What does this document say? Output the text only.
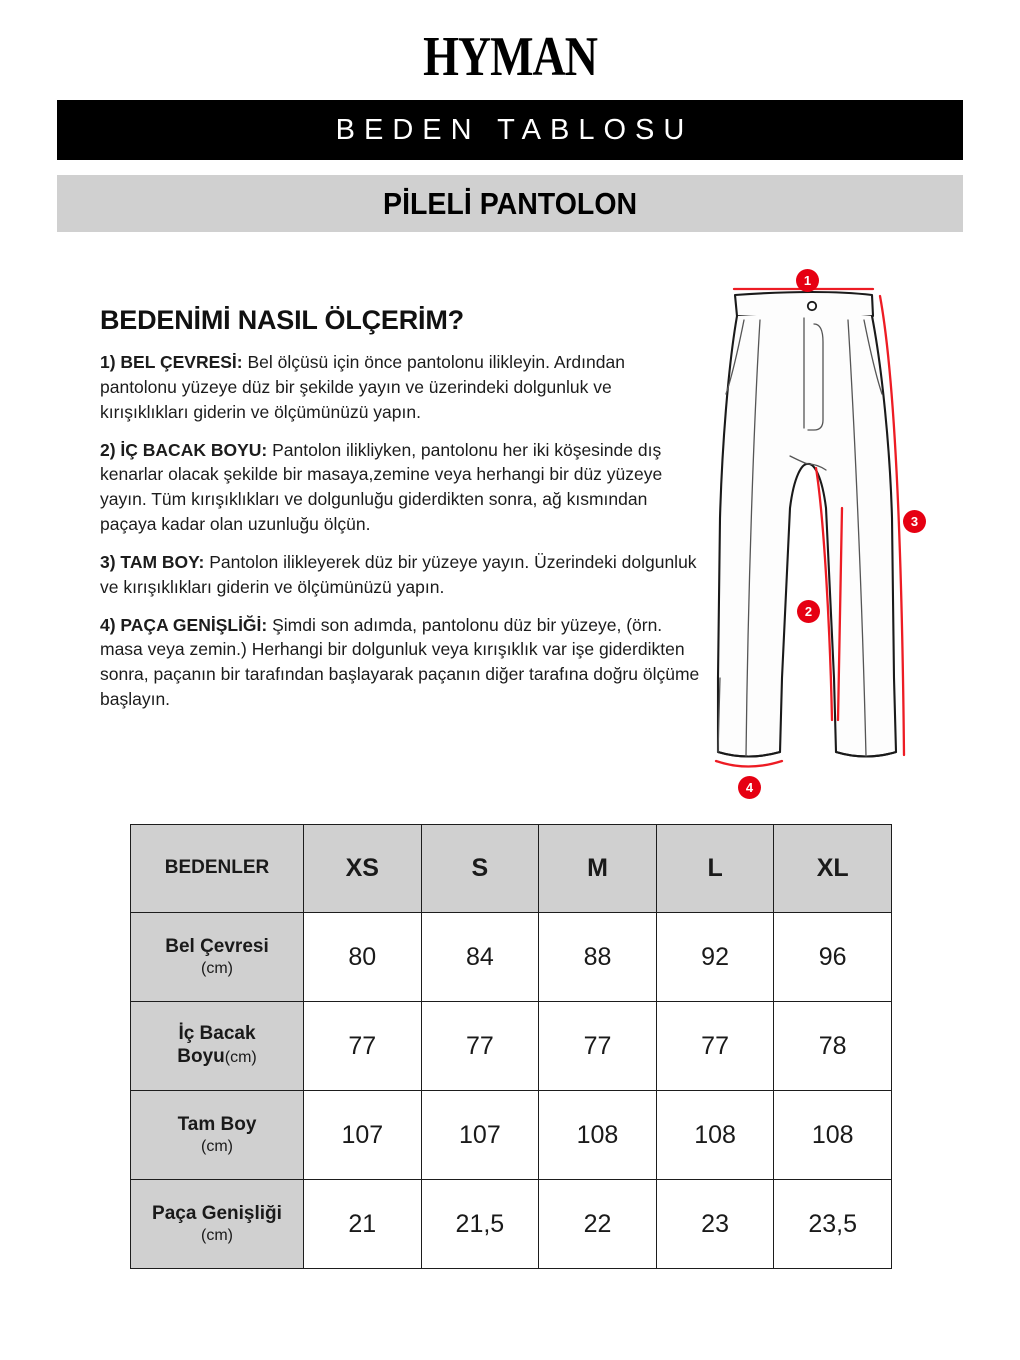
HYMAN
BEDEN TABLOSU
PİLELİ PANTOLON
BEDENİMİ NASIL ÖLÇERİM?

1) BEL ÇEVRESİ: Bel ölçüsü için önce pantolonu ilikleyin. Ardından pantolonu yüzeye düz bir şekilde yayın ve üzerindeki dolgunluk ve kırışıklıkları giderin ve ölçümünüzü yapın.

2) İÇ BACAK BOYU: Pantolon ilikliyken, pantolonu her iki köşesinde dış kenarlar olacak şekilde bir masaya,zemine veya herhangi bir düz yüzeye yayın. Tüm kırışıklıkları ve dolgunluğu giderdikten sonra, ağ kısmından paçaya kadar olan uzunluğu ölçün.

3) TAM BOY: Pantolon ilikleyerek düz bir yüzeye yayın. Üzerindeki dolgunluk ve kırışıklıkları giderin ve ölçümünüzü yapın.

4) PAÇA GENİŞLİĞİ: Şimdi son adımda, pantolonu düz bir yüzeye, (örn. masa veya zemin.) Herhangi bir dolgunluk veya kırışıklık var işe giderdikten sonra, paçanın bir tarafından başlayarak paçanın diğer tarafına doğru ölçüme başlayın.

1
2
3
4
BEDENLER	XS	S	M	L	XL

Bel Çevresi
(cm)	80	84	88	92	96

İç Bacak
Boyu(cm)	77	77	77	77	78

Tam Boy
(cm)	107	107	108	108	108

Paça Genişliği
(cm)	21	21,5	22	23	23,5
